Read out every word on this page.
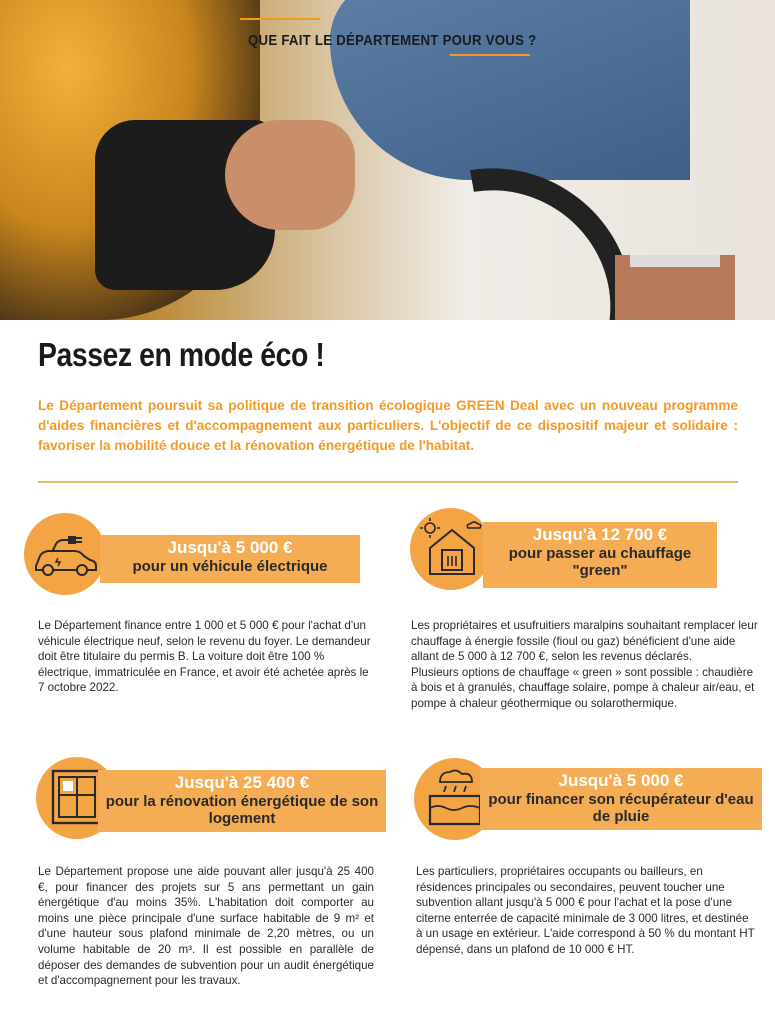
QUE FAIT LE DÉPARTEMENT POUR VOUS ?
Passez en mode éco !
Le Département poursuit sa politique de transition écologique GREEN Deal avec un nouveau programme d'aides financières et d'accompagnement aux particuliers. L'objectif de ce dispositif majeur et solidaire : favoriser la mobilité douce et la rénovation énergétique de l'habitat.
Jusqu'à 5 000 €
pour un véhicule électrique
Le Département finance entre 1 000 et 5 000 € pour l'achat d'un véhicule électrique neuf, selon le revenu du foyer. Le demandeur doit être titulaire du permis B. La voiture doit être 100 % électrique, immatriculée en France, et avoir été achetée après le 7 octobre 2022.
Jusqu'à 12 700 €
pour passer au chauffage "green"
Les propriétaires et usufruitiers maralpins souhaitant remplacer leur chauffage à énergie fossile (fioul ou gaz) bénéficient d'une aide allant de 5 000 à 12 700 €, selon les revenus déclarés.
Plusieurs options de chauffage « green » sont possible : chaudière à bois et à granulés, chauffage solaire, pompe à chaleur air/eau, et pompe à chaleur géothermique ou solarothermique.
Jusqu'à 25 400 €
pour la rénovation énergétique de son logement
Le Département propose une aide pouvant aller jusqu'à 25 400 €, pour financer des projets sur 5 ans permettant un gain énergétique d'au moins 35%. L'habitation doit comporter au moins une pièce principale d'une surface habitable de 9 m² et d'une hauteur sous plafond minimale de 2,20 mètres, ou un volume habitable de 20 m³. Il est possible en parallèle de déposer des demandes de subvention pour un audit énergétique et d'accompagnement pour les travaux.
Jusqu'à 5 000 €
pour financer son récupérateur d'eau de pluie
Les particuliers, propriétaires occupants ou bailleurs, en résidences principales ou secondaires, peuvent toucher une subvention allant jusqu'à 5 000 € pour l'achat et la pose d'une citerne enterrée de capacité minimale de 3 000 litres, et destinée à un usage en extérieur. L'aide correspond à 50 % du montant HT dépensé, dans un plafond de 10 000 € HT.
